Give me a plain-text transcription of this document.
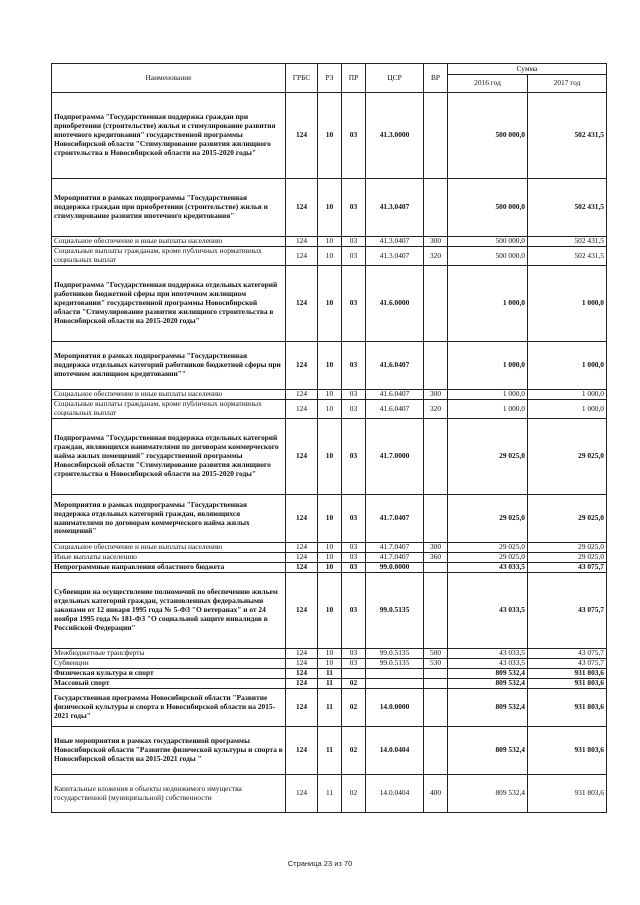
Наименование	ГРБС	РЗ	ПР	ЦСР	ВР	Сумма	
						2016 год	2017 год
Подпрограмма "Государственная поддержка граждан при приобретении (строительстве) жилья и стимулирование развития ипотечного кредитования" государственной программы Новосибирской области "Стимулирование развития жилищного строительства в Новосибирской области на 2015-2020 годы"	124	10	03	41.3.0000		500 000,0	502 431,5
Мероприятия в рамках подпрограммы "Государственная поддержка граждан при приобретении (строительстве) жилья и стимулирование развития ипотечного кредитования"	124	10	03	41.3.0407		500 000,0	502 431,5
Социальное обеспечение и иные выплаты населению	124	10	03	41.3.0407	300	500 000,0	502 431,5
Социальные выплаты гражданам, кроме публичных нормативных социальных выплат	124	10	03	41.3.0407	320	500 000,0	502 431,5
Подпрограмма "Государственная поддержка отдельных категорий работников бюджетной сферы при ипотечном жилищном кредитовании" государственной программы Новосибирской области "Стимулирование развития жилищного строительства в Новосибирской области на 2015-2020 годы"	124	10	03	41.6.0000		1 000,0	1 000,0
Мероприятия в рамках подпрограммы "Государственная поддержка отдельных категорий работников бюджетной сферы при ипотечном жилищном кредитовании""	124	10	03	41.6.0407		1 000,0	1 000,0
Социальное обеспечение и иные выплаты населению	124	10	03	41.6.0407	300	1 000,0	1 000,0
Социальные выплаты гражданам, кроме публичных нормативных социальных выплат	124	10	03	41.6.0407	320	1 000,0	1 000,0
Подпрограмма "Государственная поддержка отдельных категорий граждан, являющихся нанимателями по договорам коммерческого найма жилых помещений" государственной программы Новосибирской области "Стимулирование развития жилищного строительства в Новосибирской области на 2015-2020 годы"	124	10	03	41.7.0000		29 025,0	29 025,0
Мероприятия в рамках подпрограммы "Государственная поддержка отдельных категорий граждан, являющихся нанимателями по договорам коммерческого найма жилых помещений"	124	10	03	41.7.0407		29 025,0	29 025,0
Социальное обеспечение и иные выплаты населению	124	10	03	41.7.0407	300	29 025,0	29 025,0
Иные выплаты населению	124	10	03	41.7.0407	360	29 025,0	29 025,0
Непрограммные направления областного бюджета	124	10	03	99.0.0000		43 033,5	43 075,7
Субвенции на осуществление полномочий по обеспечению жильем отдельных категорий граждан, установленных федеральными законами от 12 января 1995 года № 5-ФЗ "О ветеранах" и от 24 ноября 1995 года № 181-ФЗ "О социальной защите инвалидов в Российской Федерации"	124	10	03	99.0.5135		43 033,5	43 075,7
Межбюджетные трансферты	124	10	03	99.0.5135	500	43 033,5	43 075,7
Субвенции	124	10	03	99.0.5135	530	43 033,5	43 075,7
Физическая культура и спорт	124	11				809 532,4	931 803,6
Массовый спорт	124	11	02			809 532,4	931 803,6
Государственная программа Новосибирской области "Развитие физической культуры и спорта в Новосибирской области на 2015-2021 годы"	124	11	02	14.0.0000		809 532,4	931 803,6
Иные мероприятия в рамках государственной программы Новосибирской области "Развитие физической культуры и спорта в Новосибирской области на 2015-2021 годы "	124	11	02	14.0.0404		809 532,4	931 803,6
Капитальные вложения в объекты недвижимого имущества государственной (муниципальной) собственности	124	11	02	14.0.0404	400	809 532,4	931 803,6
Страница 23 из 70
